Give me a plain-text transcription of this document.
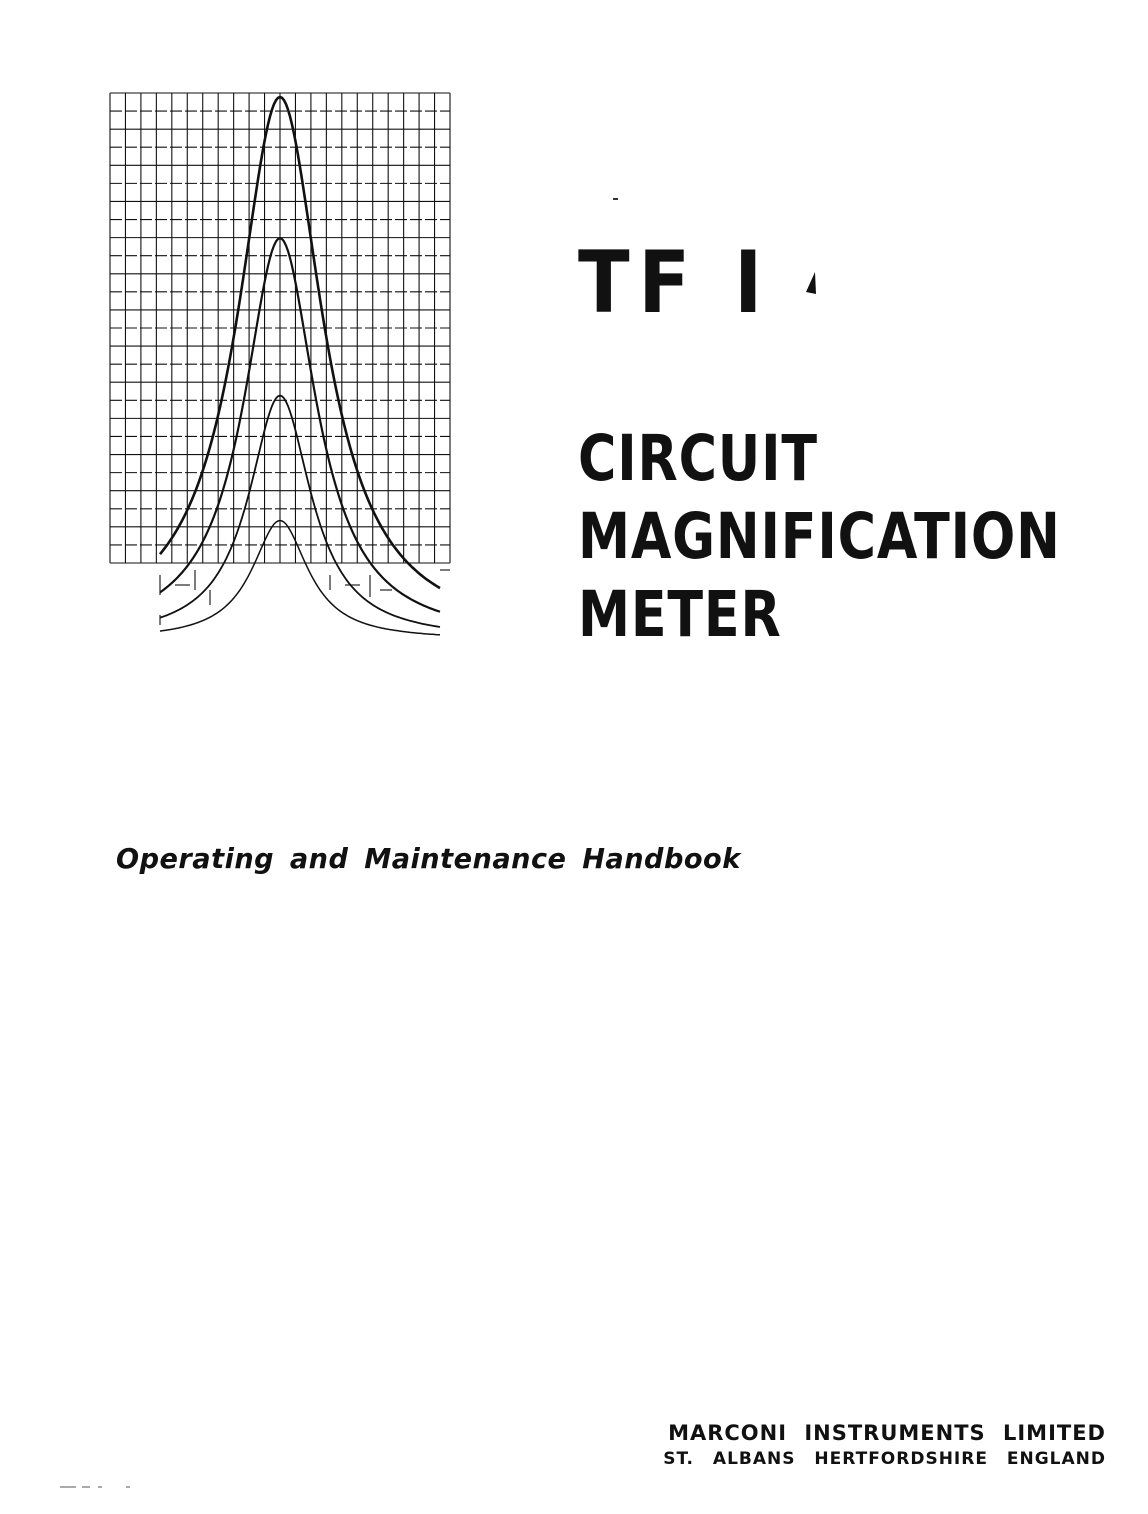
TF I
CIRCUIT
MAGNIFICATION
METER

Operating and Maintenance Handbook

MARCONI INSTRUMENTS LIMITED
ST. ALBANS HERTFORDSHIRE ENGLAND
